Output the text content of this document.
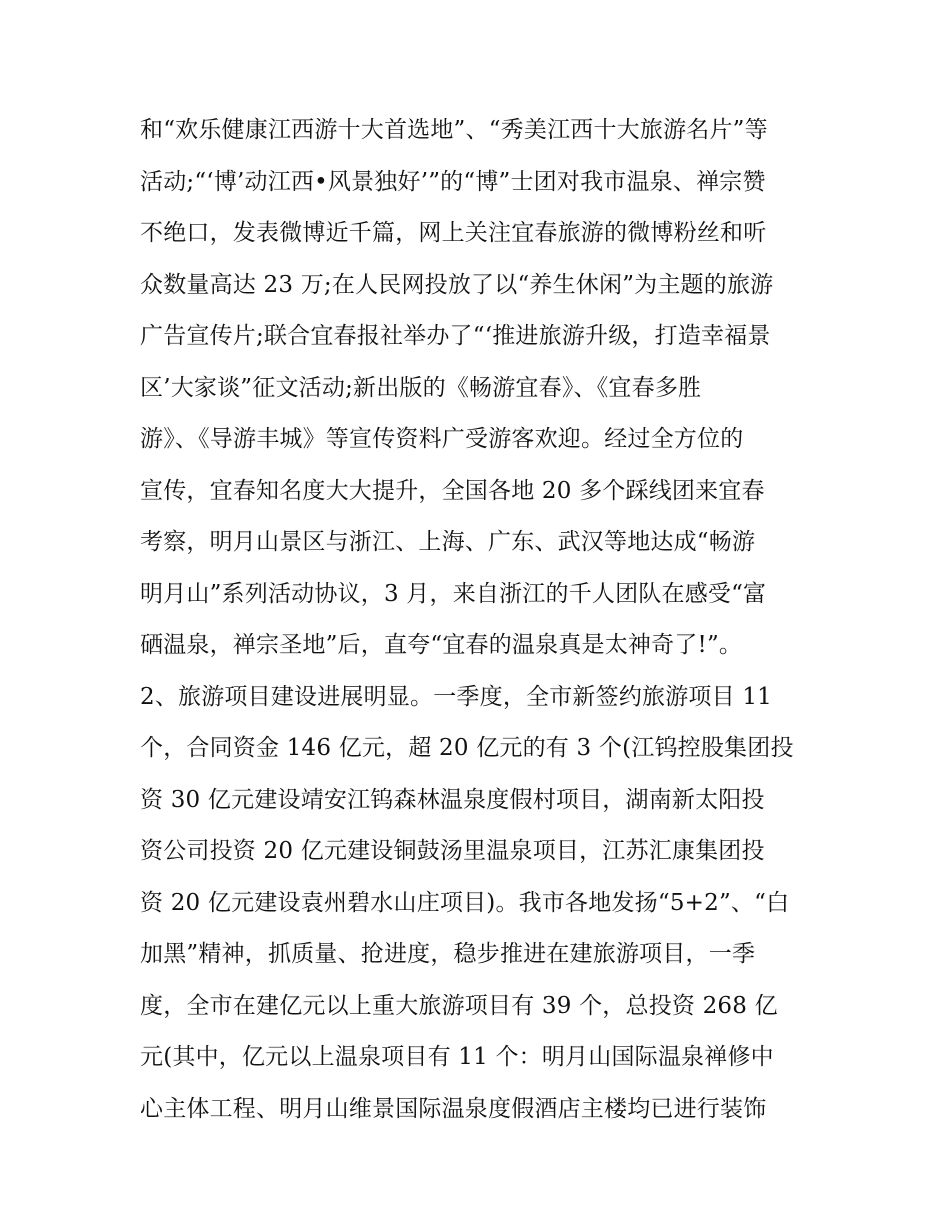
和“欢乐健康江西游十大首选地”、“秀美江西十大旅游名片”等
活动;“‘博’动江西•风景独好’”的“博”士团对我市温泉、禅宗赞
不绝口，发表微博近千篇，网上关注宜春旅游的微博粉丝和听
众数量高达 23 万;在人民网投放了以“养生休闲”为主题的旅游
广告宣传片;联合宜春报社举办了“‘推进旅游升级，打造幸福景
区’大家谈”征文活动;新出版的《畅游宜春》、《宜春多胜
游》、《导游丰城》等宣传资料广受游客欢迎。经过全方位的
宣传，宜春知名度大大提升，全国各地 20 多个踩线团来宜春
考察，明月山景区与浙江、上海、广东、武汉等地达成“畅游
明月山”系列活动协议，3 月，来自浙江的千人团队在感受“富
硒温泉，禅宗圣地”后，直夸“宜春的温泉真是太神奇了!”。
2、旅游项目建设进展明显。一季度，全市新签约旅游项目 11
个，合同资金 146 亿元，超 20 亿元的有 3 个(江钨控股集团投
资 30 亿元建设靖安江钨森林温泉度假村项目，湖南新太阳投
资公司投资 20 亿元建设铜鼓汤里温泉项目，江苏汇康集团投
资 20 亿元建设袁州碧水山庄项目)。我市各地发扬“5+2”、“白
加黑”精神，抓质量、抢进度，稳步推进在建旅游项目，一季
度，全市在建亿元以上重大旅游项目有 39 个，总投资 268 亿
元(其中，亿元以上温泉项目有 11 个：明月山国际温泉禅修中
心主体工程、明月山维景国际温泉度假酒店主楼均已进行装饰
